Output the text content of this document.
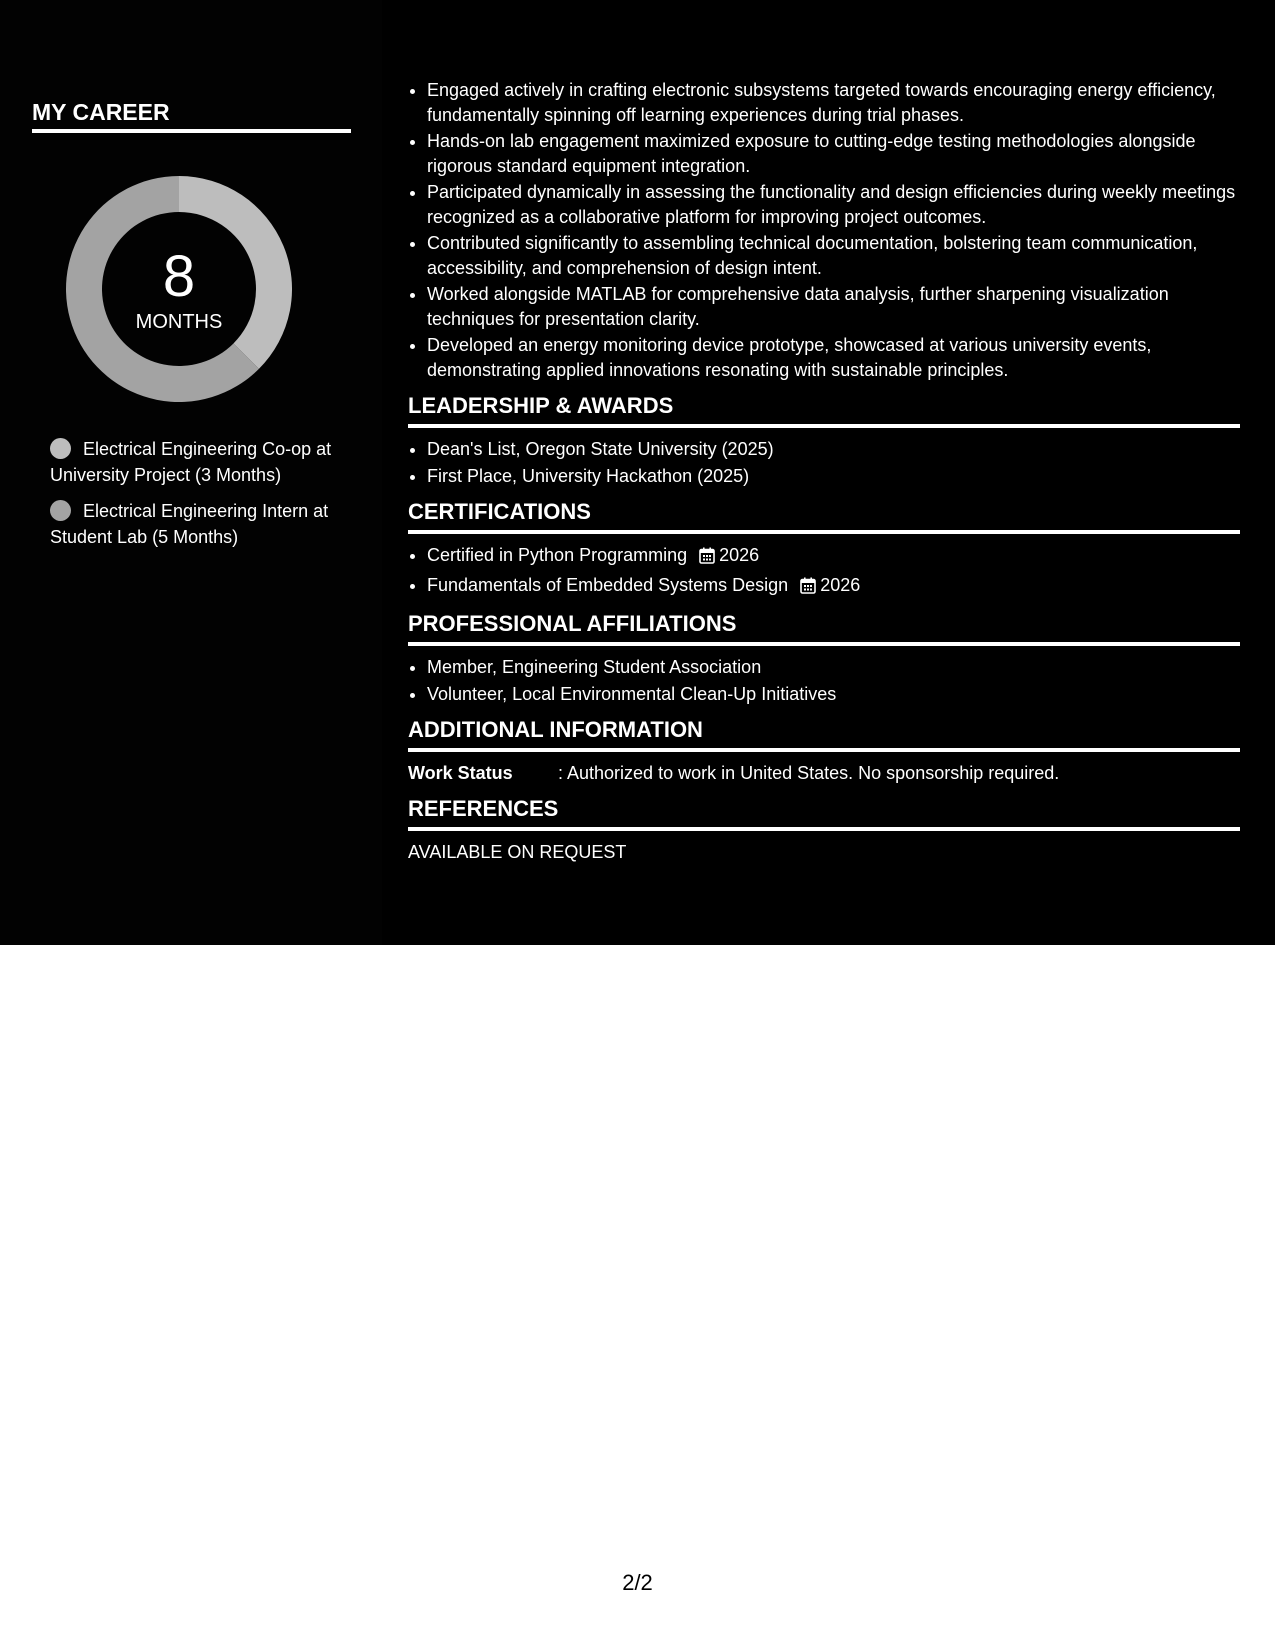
MY CAREER
8
MONTHS
Electrical Engineering Co-op at University Project (3 Months)
Electrical Engineering Intern at Student Lab (5 Months)
• Engaged actively in crafting electronic subsystems targeted towards encouraging energy efficiency, fundamentally spinning off learning experiences during trial phases.
• Hands-on lab engagement maximized exposure to cutting-edge testing methodologies alongside rigorous standard equipment integration.
• Participated dynamically in assessing the functionality and design efficiencies during weekly meetings recognized as a collaborative platform for improving project outcomes.
• Contributed significantly to assembling technical documentation, bolstering team communication, accessibility, and comprehension of design intent.
• Worked alongside MATLAB for comprehensive data analysis, further sharpening visualization techniques for presentation clarity.
• Developed an energy monitoring device prototype, showcased at various university events, demonstrating applied innovations resonating with sustainable principles.
LEADERSHIP & AWARDS
• Dean's List, Oregon State University (2025)
• First Place, University Hackathon (2025)
CERTIFICATIONS
• Certified in Python Programming 2026
• Fundamentals of Embedded Systems Design 2026
PROFESSIONAL AFFILIATIONS
• Member, Engineering Student Association
• Volunteer, Local Environmental Clean-Up Initiatives
ADDITIONAL INFORMATION
Work Status	: Authorized to work in United States. No sponsorship required.
REFERENCES
AVAILABLE ON REQUEST
2/2
